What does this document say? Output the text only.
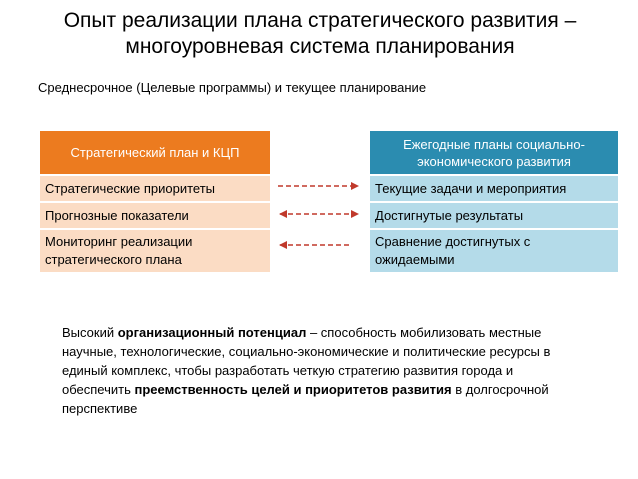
Опыт реализации плана стратегического развития –
многоуровневая система планирования
Среднесрочное (Целевые программы) и текущее планирование
Стратегический план и КЦП
Ежегодные планы социально-экономического развития
Стратегические приоритеты
Прогнозные показатели
Мониторинг реализации стратегического плана
Текущие задачи и мероприятия
Достигнутые результаты
Сравнение достигнутых с ожидаемыми
Высокий организационный потенциал – способность мобилизовать местные научные, технологические, социально-экономические и политические ресурсы в единый комплекс, чтобы разработать четкую стратегию развития города и обеспечить преемственность целей и приоритетов развития в долгосрочной перспективе
